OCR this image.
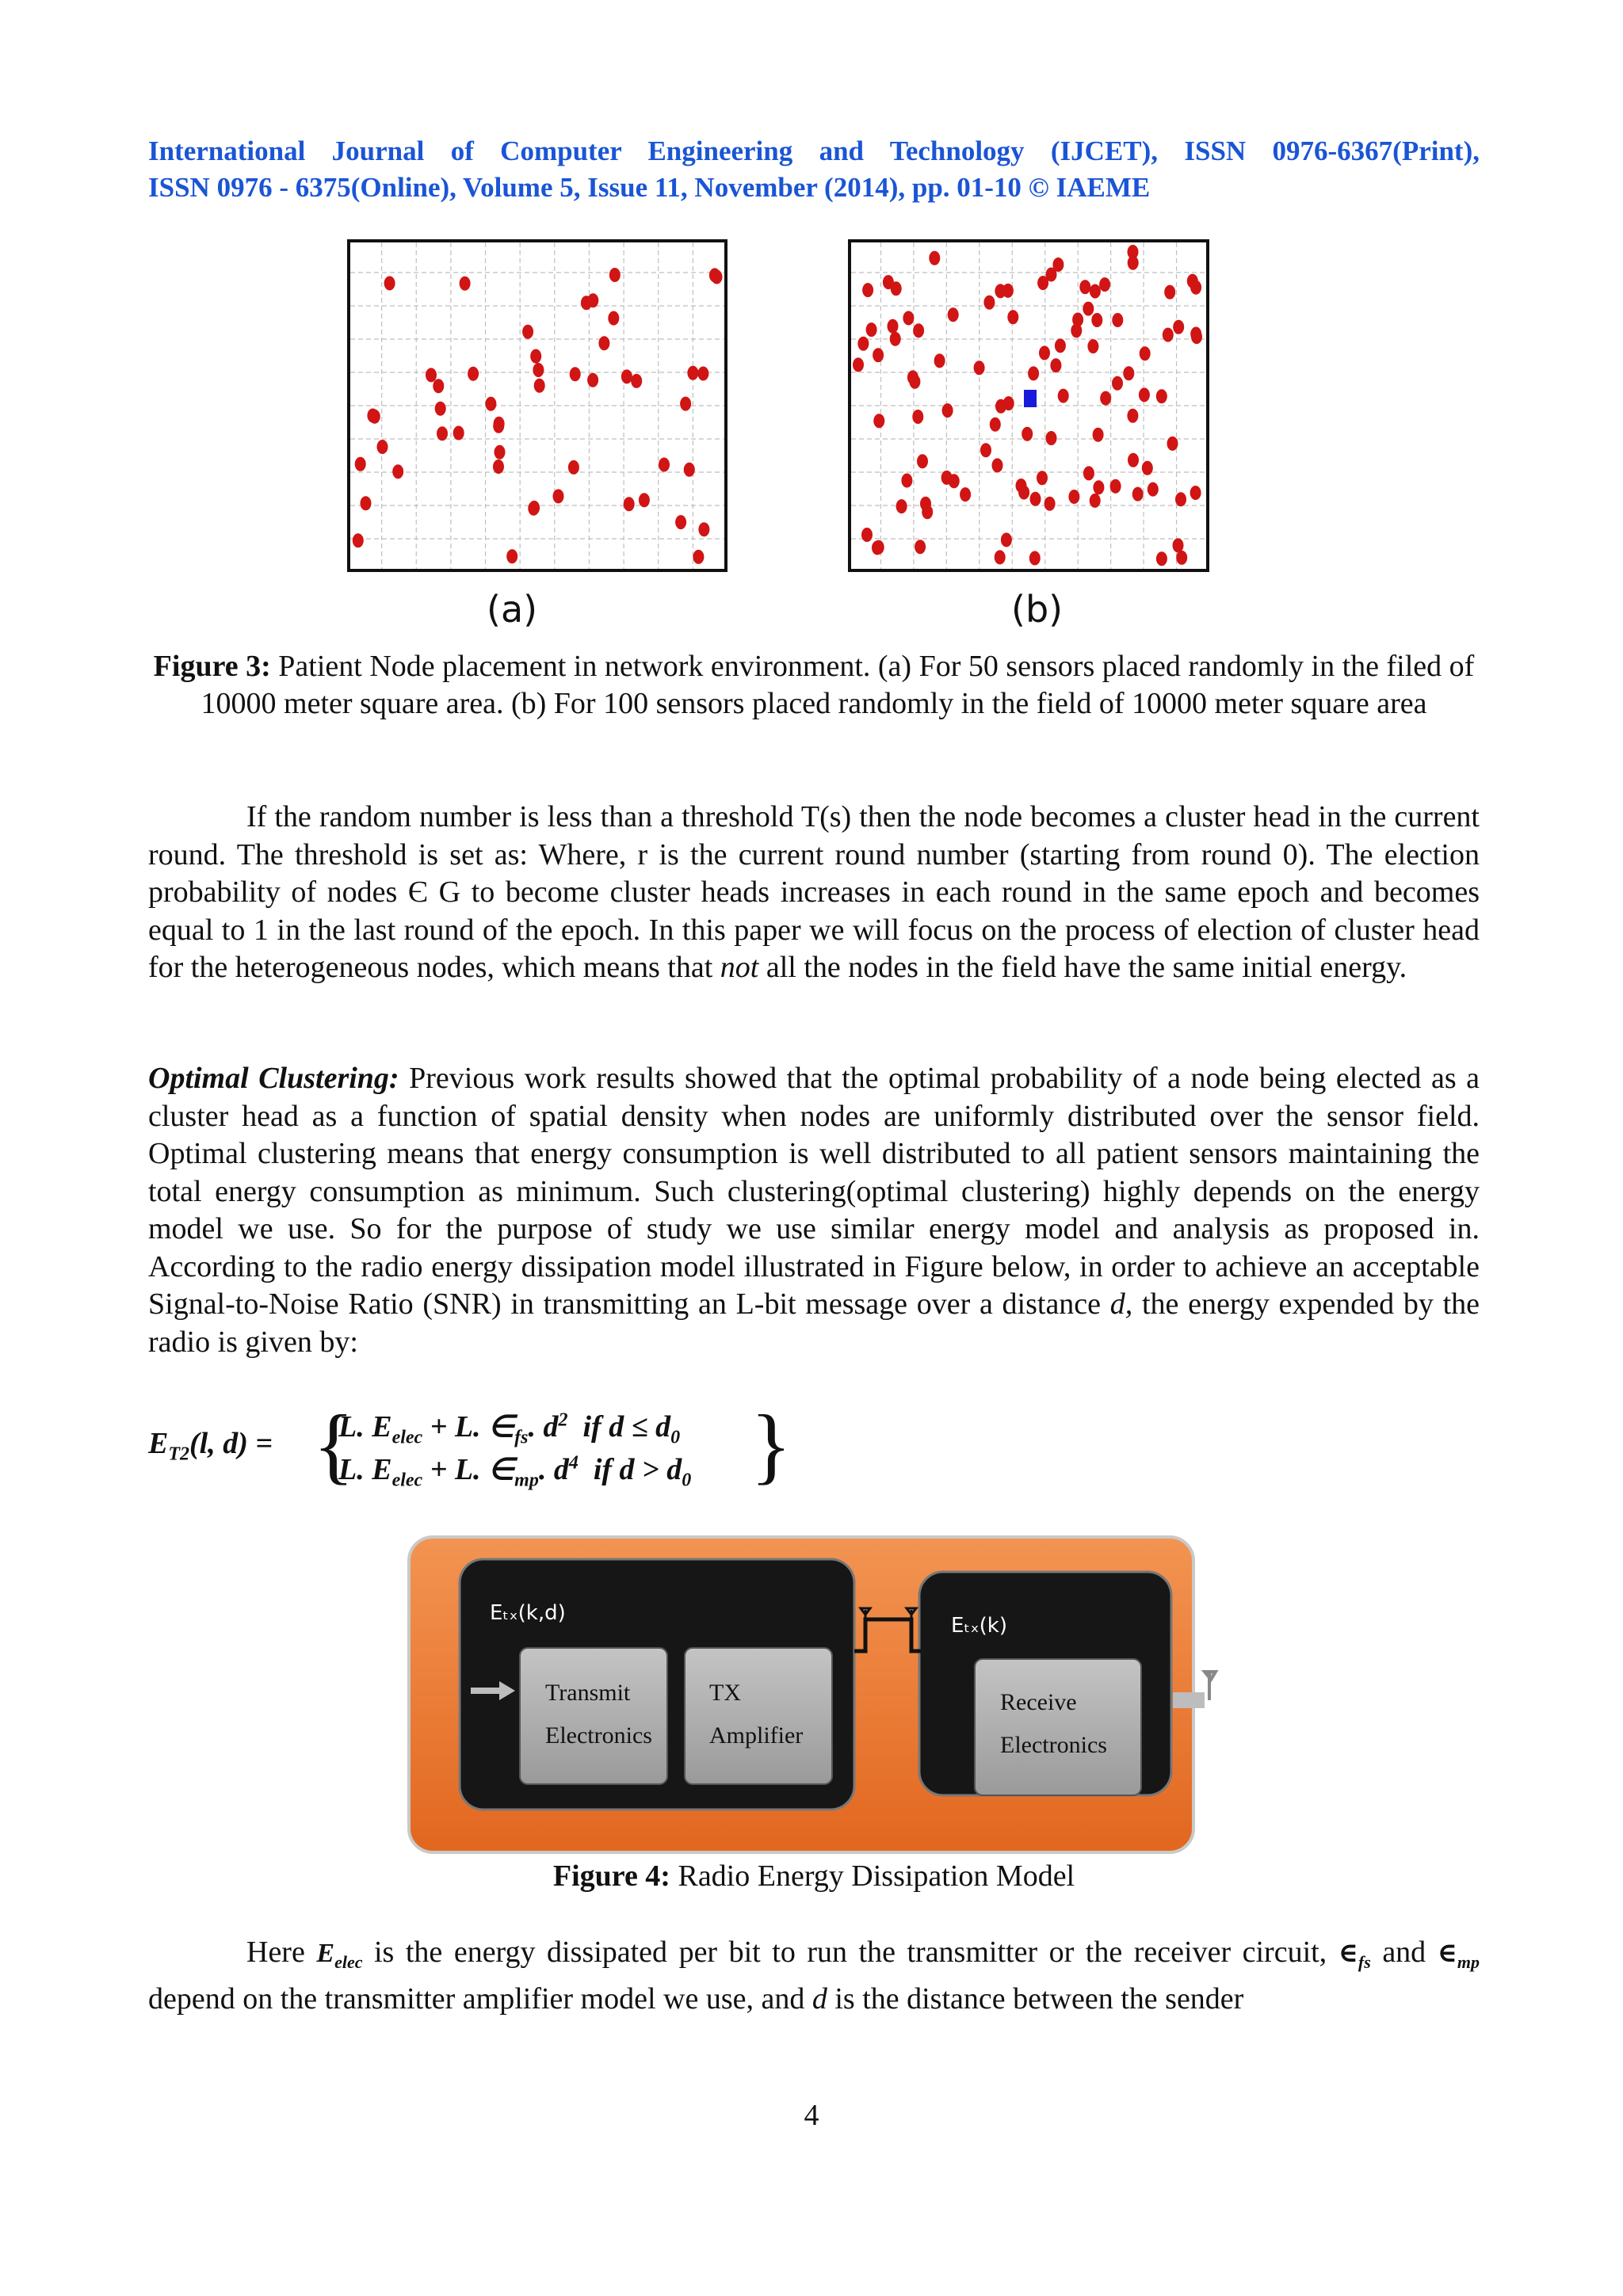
International Journal of Computer Engineering and Technology (IJCET), ISSN 0976-6367(Print),
ISSN 0976 - 6375(Online), Volume 5, Issue 11, November (2014), pp. 01-10 © IAEME
(a)	(b)
Figure 3: Patient Node placement in network environment. (a) For 50 sensors placed randomly in the filed of 10000 meter square area. (b) For 100 sensors placed randomly in the field of 10000 meter square area
If the random number is less than a threshold T(s) then the node becomes a cluster head in the current round. The threshold is set as: Where, r is the current round number (starting from round 0). The election probability of nodes Є G to become cluster heads increases in each round in the same epoch and becomes equal to 1 in the last round of the epoch. In this paper we will focus on the process of election of cluster head for the heterogeneous nodes, which means that not all the nodes in the field have the same initial energy.
Optimal Clustering: Previous work results showed that the optimal probability of a node being elected as a cluster head as a function of spatial density when nodes are uniformly distributed over the sensor field. Optimal clustering means that energy consumption is well distributed to all patient sensors maintaining the total energy consumption as minimum. Such clustering(optimal clustering) highly depends on the energy model we use. So for the purpose of study we use similar energy model and analysis as proposed in. According to the radio energy dissipation model illustrated in Figure below, in order to achieve an acceptable Signal-to-Noise Ratio (SNR) in transmitting an L-bit message over a distance d, the energy expended by the radio is given by:
$E_{T2}(l$, d) = {
L. $E_{elec} + L$. $\in_{fs}$. $d^2$ if $d \le d_0$
L. $E_{elec} + L$. $\in_{mp}$. $d^4$ if $d > d_0$ }
Eₜₓ(k,d)
Eₜₓ(k)
Transmit
Electronics
TX
Amplifier
Receive
Electronics
Figure 4: Radio Energy Dissipation Model
Here $E_{elec}$ is the energy dissipated per bit to run the transmitter or the receiver circuit, $\in_{fs}$ and $\in_{mp}$ depend on the transmitter amplifier model we use, and d is the distance between the sender
4
